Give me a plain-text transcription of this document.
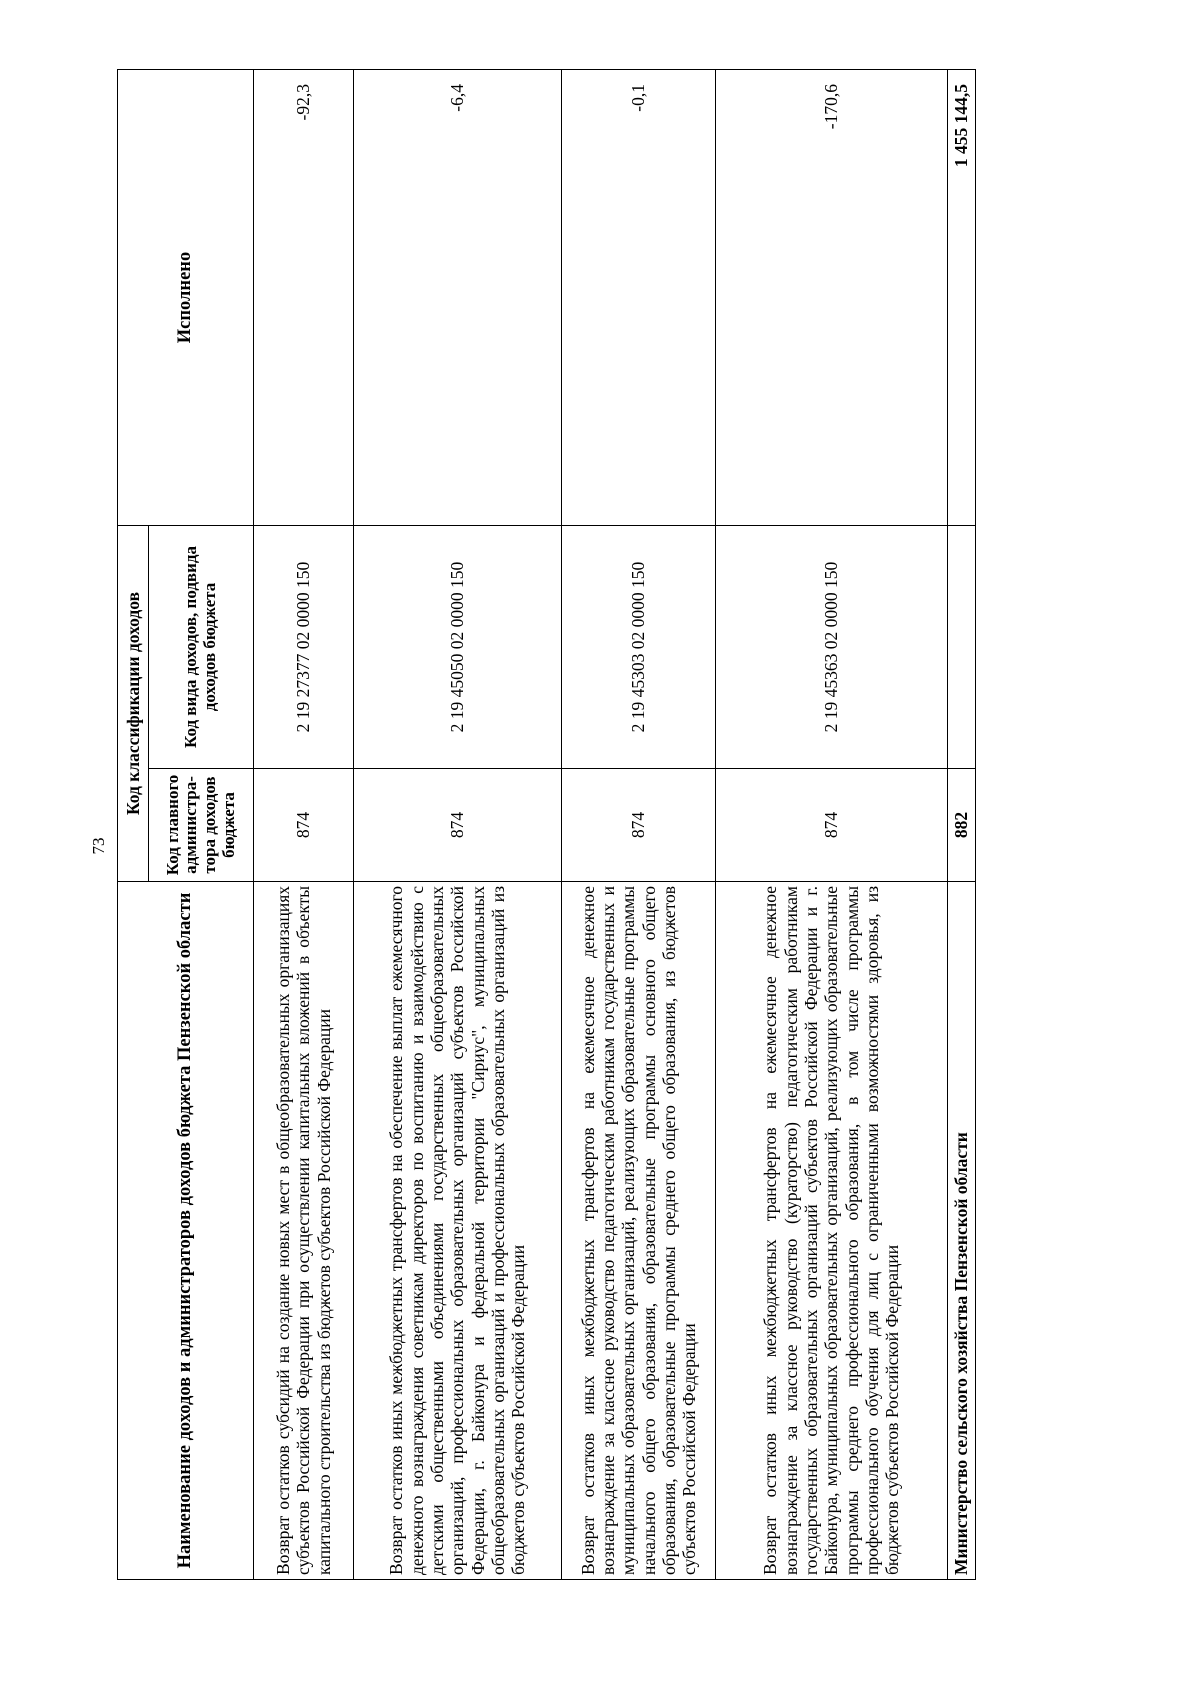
73
Наименование доходов и администраторов доходов бюджета Пензенской области	Код классификации доходов		Исполнено
	Код главного администра-тора доходов бюджета	Код вида доходов, подвида доходов бюджета	
Возврат остатков субсидий на создание новых мест в общеобразовательных организациях субъектов Российской Федерации при осуществлении капитальных вложений в объекты капитального строительства из бюджетов субъектов Российской Федерации	874	2 19 27377 02 0000 150	-92,3
Возврат остатков иных межбюджетных трансфертов на обеспечение выплат ежемесячного денежного вознаграждения советникам директоров по воспитанию и взаимодействию с детскими общественными объединениями государственных общеобразовательных организаций, профессиональных образовательных организаций субъектов Российской Федерации, г. Байконура и федеральной территории "Сириус", муниципальных общеобразовательных организаций и профессиональных образовательных организаций из бюджетов субъектов Российской Федерации	874	2 19 45050 02 0000 150	-6,4
Возврат остатков иных межбюджетных трансфертов на ежемесячное денежное вознаграждение за классное руководство педагогическим работникам государственных и муниципальных образовательных организаций, реализующих образовательные программы начального общего образования, образовательные программы основного общего образования, образовательные программы среднего общего образования, из бюджетов субъектов Российской Федерации	874	2 19 45303 02 0000 150	-0,1
Возврат остатков иных межбюджетных трансфертов на ежемесячное денежное вознаграждение за классное руководство (кураторство) педагогическим работникам государственных образовательных организаций субъектов Российской Федерации и г. Байконура, муниципальных образовательных организаций, реализующих образовательные программы среднего профессионального образования, в том числе программы профессионального обучения для лиц с ограниченными возможностями здоровья, из бюджетов субъектов Российской Федерации	874	2 19 45363 02 0000 150	-170,6
Министерство сельского хозяйства Пензенской области	882		1 455 144,5
